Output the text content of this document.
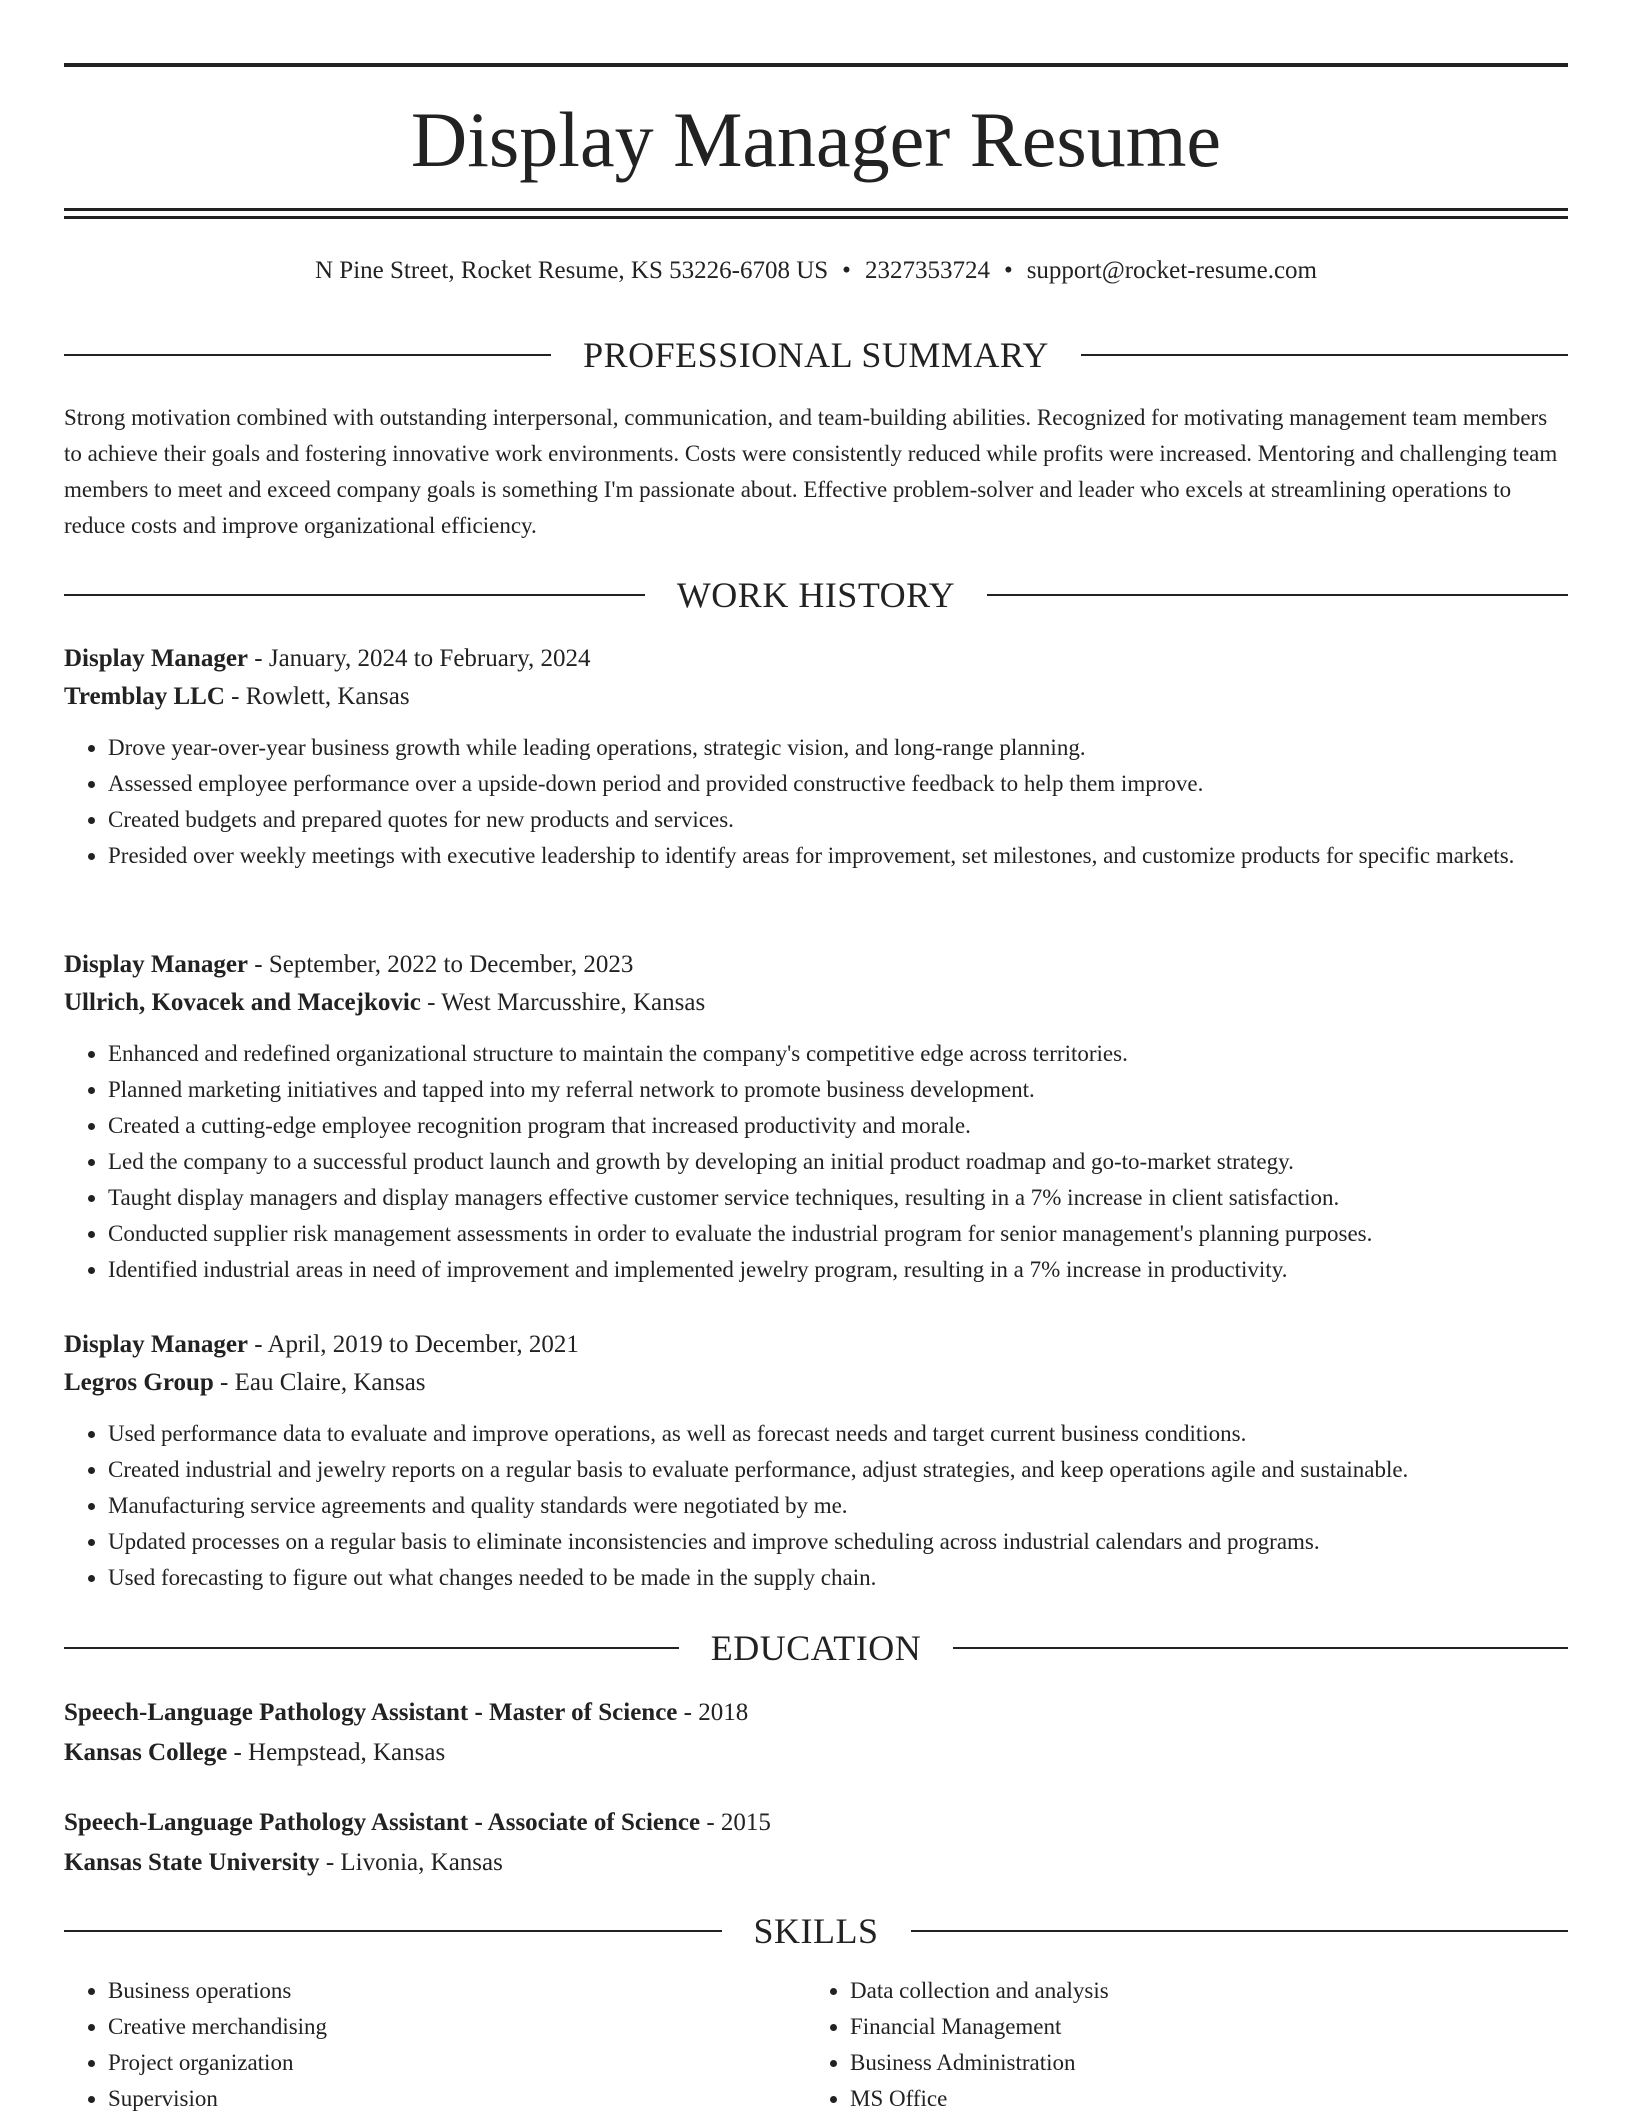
Display Manager Resume
N Pine Street, Rocket Resume, KS 53226-6708 US • 2327353724 • support@rocket-resume.com
PROFESSIONAL SUMMARY
Strong motivation combined with outstanding interpersonal, communication, and team-building abilities. Recognized for motivating management team members to achieve their goals and fostering innovative work environments. Costs were consistently reduced while profits were increased. Mentoring and challenging team members to meet and exceed company goals is something I'm passionate about. Effective problem-solver and leader who excels at streamlining operations to reduce costs and improve organizational efficiency.
WORK HISTORY
Display Manager - January, 2024 to February, 2024
Tremblay LLC - Rowlett, Kansas
• Drove year-over-year business growth while leading operations, strategic vision, and long-range planning.
• Assessed employee performance over a upside-down period and provided constructive feedback to help them improve.
• Created budgets and prepared quotes for new products and services.
• Presided over weekly meetings with executive leadership to identify areas for improvement, set milestones, and customize products for specific markets.
Display Manager - September, 2022 to December, 2023
Ullrich, Kovacek and Macejkovic - West Marcusshire, Kansas
• Enhanced and redefined organizational structure to maintain the company's competitive edge across territories.
• Planned marketing initiatives and tapped into my referral network to promote business development.
• Created a cutting-edge employee recognition program that increased productivity and morale.
• Led the company to a successful product launch and growth by developing an initial product roadmap and go-to-market strategy.
• Taught display managers and display managers effective customer service techniques, resulting in a 7% increase in client satisfaction.
• Conducted supplier risk management assessments in order to evaluate the industrial program for senior management's planning purposes.
• Identified industrial areas in need of improvement and implemented jewelry program, resulting in a 7% increase in productivity.
Display Manager - April, 2019 to December, 2021
Legros Group - Eau Claire, Kansas
• Used performance data to evaluate and improve operations, as well as forecast needs and target current business conditions.
• Created industrial and jewelry reports on a regular basis to evaluate performance, adjust strategies, and keep operations agile and sustainable.
• Manufacturing service agreements and quality standards were negotiated by me.
• Updated processes on a regular basis to eliminate inconsistencies and improve scheduling across industrial calendars and programs.
• Used forecasting to figure out what changes needed to be made in the supply chain.
EDUCATION
Speech-Language Pathology Assistant - Master of Science - 2018
Kansas College - Hempstead, Kansas
Speech-Language Pathology Assistant - Associate of Science - 2015
Kansas State University - Livonia, Kansas
SKILLS
• Business operations
• Creative merchandising
• Project organization
• Supervision
• Data collection and analysis
• Financial Management
• Business Administration
• MS Office
